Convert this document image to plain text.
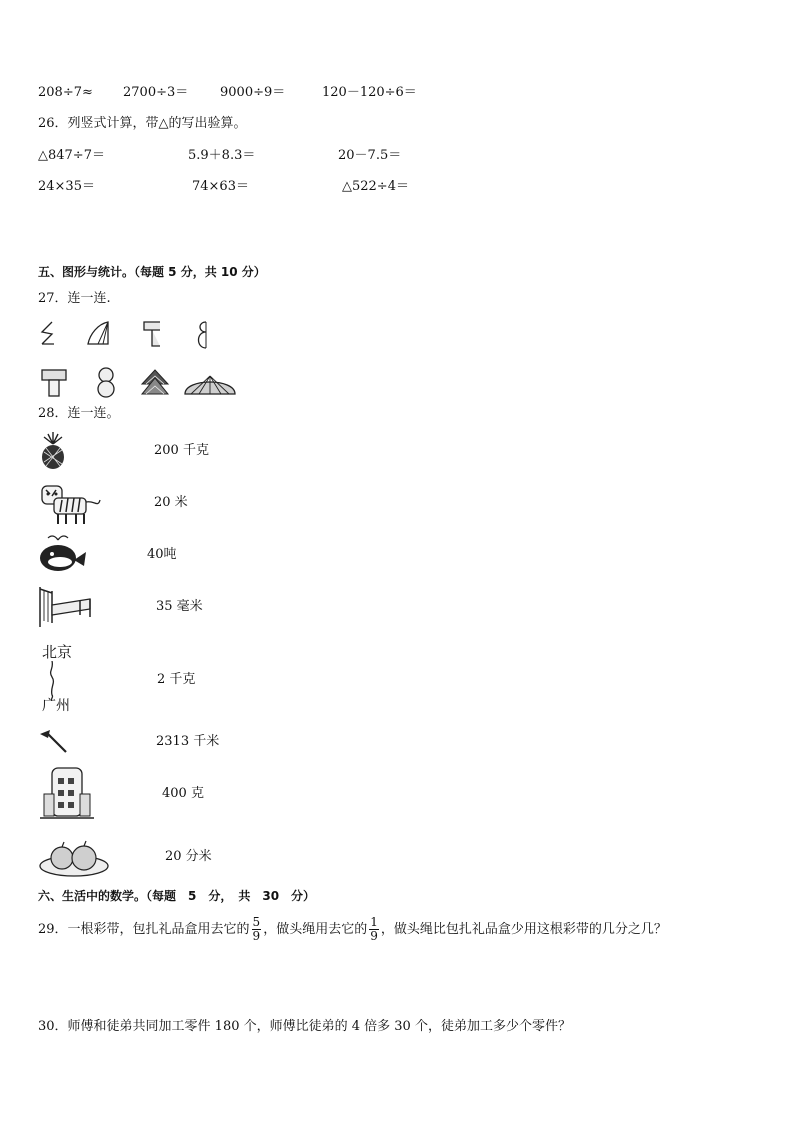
208÷7≈ 2700÷3＝ 9000÷9＝	120－120÷6＝
26．列竖式计算，带△的写出验算。
△847÷7＝	5.9＋8.3＝	20－7.5＝
24×35＝	74×63＝	△522÷4＝
五、图形与统计。（每题 5 分，共 10 分）
27．连一连.
28．连一连。
200 千克
20 米
40吨
35 毫米
北京
广州
2 千克
2313 千米
400 克
20 分米
六、生活中的数学。（每题　5　分，　共　30　分）
29．一根彩带，包扎礼品盒用去它的 $\frac{5}{9}$ ，做头绳用去它的 $\frac{1}{9}$ ，做头绳比包扎礼品盒少用这根彩带的几分之几？
30．师傅和徒弟共同加工零件 180 个，师傅比徒弟的 4 倍多 30 个，徒弟加工多少个零件？
